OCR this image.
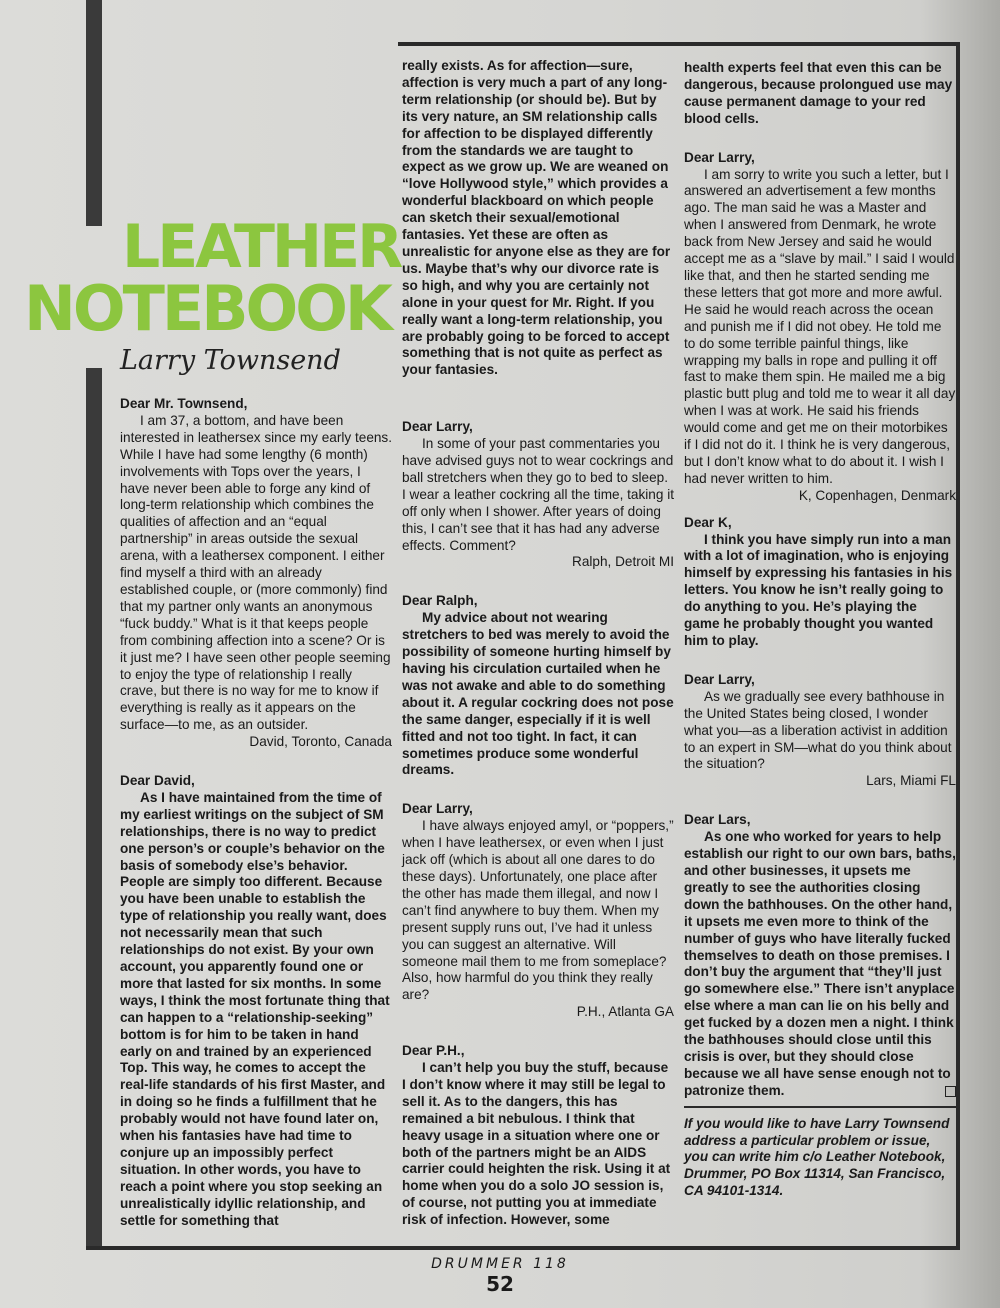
LEATHER
NOTEBOOK

Larry Townsend

Dear Mr. Townsend,

I am 37, a bottom, and have been interested in leathersex since my early teens. While I have had some lengthy (6 month) involvements with Tops over the years, I have never been able to forge any kind of long-term relationship which combines the qualities of affection and an “equal partnership” in areas outside the sexual arena, with a leathersex component. I either find myself a third with an already established couple, or (more commonly) find that my partner only wants an anonymous “fuck buddy.” What is it that keeps people from combining affection into a scene? Or is it just me? I have seen other people seeming to enjoy the type of relationship I really crave, but there is no way for me to know if everything is really as it appears on the surface—to me, as an outsider.

David, Toronto, Canada

Dear David,

As I have maintained from the time of my earliest writings on the subject of SM relationships, there is no way to predict one person’s or couple’s behavior on the basis of somebody else’s behavior. People are simply too different. Because you have been unable to establish the type of relationship you really want, does not necessarily mean that such relationships do not exist. By your own account, you apparently found one or more that lasted for six months. In some ways, I think the most fortunate thing that can happen to a “relationship-seeking” bottom is for him to be taken in hand early on and trained by an experienced Top. This way, he comes to accept the real-life standards of his first Master, and in doing so he finds a fulfillment that he probably would not have found later on, when his fantasies have had time to conjure up an impossibly perfect situation. In other words, you have to reach a point where you stop seeking an unrealistically idyllic relationship, and settle for something that

really exists. As for affection—sure, affection is very much a part of any long-term relationship (or should be). But by its very nature, an SM relationship calls for affection to be displayed differently from the standards we are taught to expect as we grow up. We are weaned on “love Hollywood style,” which provides a wonderful blackboard on which people can sketch their sexual/emotional fantasies. Yet these are often as unrealistic for anyone else as they are for us. Maybe that’s why our divorce rate is so high, and why you are certainly not alone in your quest for Mr. Right. If you really want a long-term relationship, you are probably going to be forced to accept something that is not quite as perfect as your fantasies.

Dear Larry,

In some of your past commentaries you have advised guys not to wear cockrings and ball stretchers when they go to bed to sleep. I wear a leather cockring all the time, taking it off only when I shower. After years of doing this, I can’t see that it has had any adverse effects. Comment?

Ralph, Detroit MI

Dear Ralph,

My advice about not wearing stretchers to bed was merely to avoid the possibility of someone hurting himself by having his circulation curtailed when he was not awake and able to do something about it. A regular cockring does not pose the same danger, especially if it is well fitted and not too tight. In fact, it can sometimes produce some wonderful dreams.

Dear Larry,

I have always enjoyed amyl, or “poppers,” when I have leathersex, or even when I just jack off (which is about all one dares to do these days). Unfortunately, one place after the other has made them illegal, and now I can’t find anywhere to buy them. When my present supply runs out, I’ve had it unless you can suggest an alternative. Will someone mail them to me from someplace? Also, how harmful do you think they really are?

P.H., Atlanta GA

Dear P.H.,

I can’t help you buy the stuff, because I don’t know where it may still be legal to sell it. As to the dangers, this has remained a bit nebulous. I think that heavy usage in a situation where one or both of the partners might be an AIDS carrier could heighten the risk. Using it at home when you do a solo JO session is, of course, not putting you at immediate risk of infection. However, some

health experts feel that even this can be dangerous, because prolongued use may cause permanent damage to your red blood cells.

Dear Larry,

I am sorry to write you such a letter, but I answered an advertisement a few months ago. The man said he was a Master and when I answered from Denmark, he wrote back from New Jersey and said he would accept me as a “slave by mail.” I said I would like that, and then he started sending me these letters that got more and more awful. He said he would reach across the ocean and punish me if I did not obey. He told me to do some terrible painful things, like wrapping my balls in rope and pulling it off fast to make them spin. He mailed me a big plastic butt plug and told me to wear it all day when I was at work. He said his friends would come and get me on their motorbikes if I did not do it. I think he is very dangerous, but I don’t know what to do about it. I wish I had never written to him.

K, Copenhagen, Denmark

Dear K,

I think you have simply run into a man with a lot of imagination, who is enjoying himself by expressing his fantasies in his letters. You know he isn’t really going to do anything to you. He’s playing the game he probably thought you wanted him to play.

Dear Larry,

As we gradually see every bathhouse in the United States being closed, I wonder what you—as a liberation activist in addition to an expert in SM—what do you think about the situation?

Lars, Miami FL

Dear Lars,

As one who worked for years to help establish our right to our own bars, baths, and other businesses, it upsets me greatly to see the authorities closing down the bathhouses. On the other hand, it upsets me even more to think of the number of guys who have literally fucked themselves to death on those premises. I don’t buy the argument that “they’ll just go somewhere else.” There isn’t anyplace else where a man can lie on his belly and get fucked by a dozen men a night. I think the bathhouses should close until this crisis is over, but they should close because we all have sense enough not to patronize them.

If you would like to have Larry Townsend address a particular problem or issue, you can write him c/o Leather Notebook, Drummer, PO Box 11314, San Francisco, CA 94101-1314.

DRUMMER 118

52
